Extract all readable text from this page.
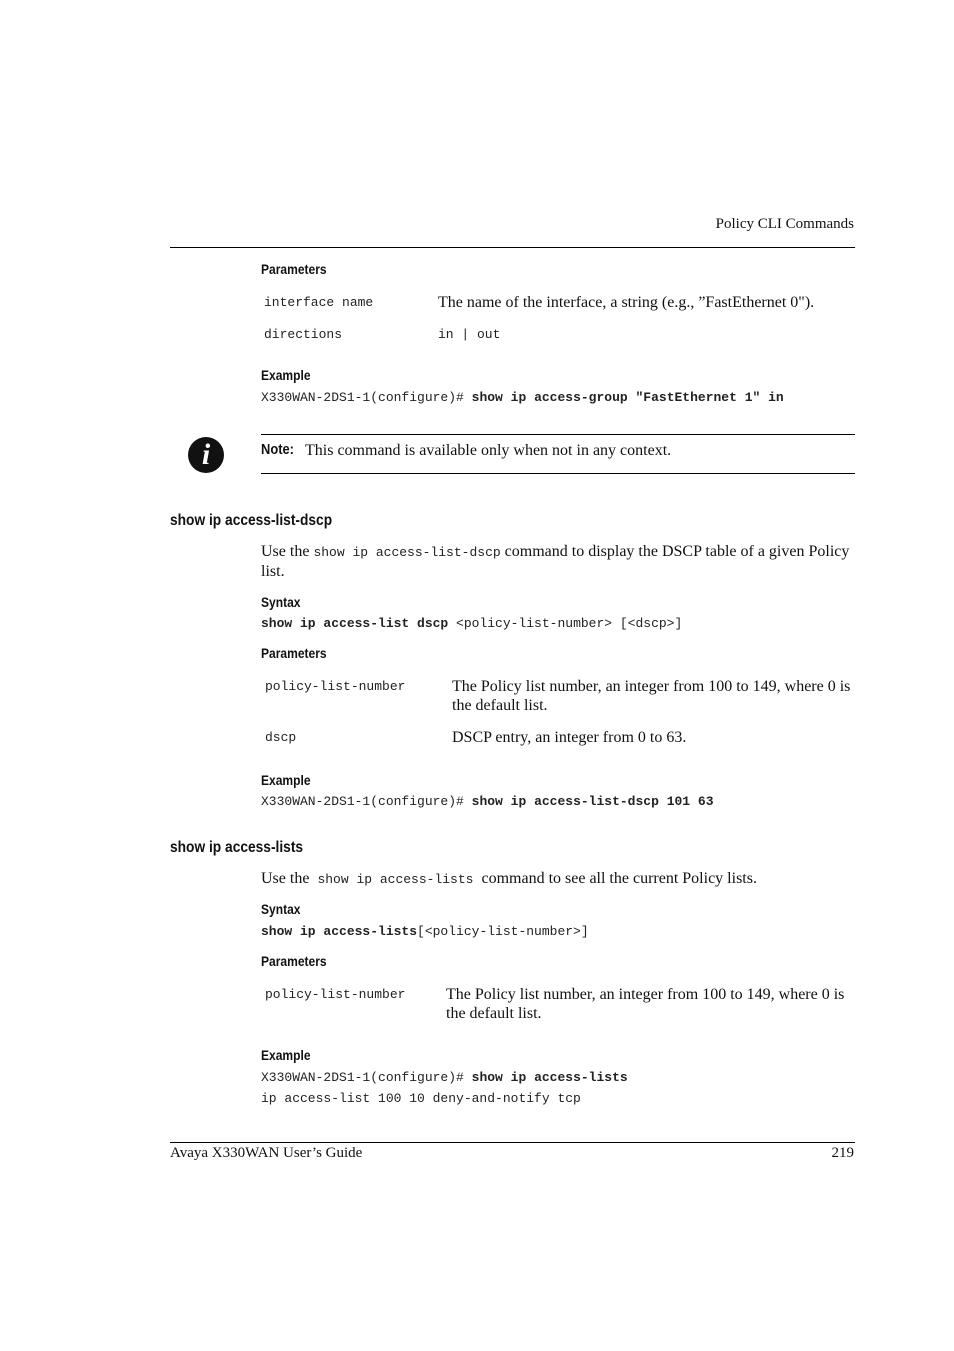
Policy CLI Commands
Parameters
interface name	The name of the interface, a string (e.g., ”FastEthernet 0").
directions	in | out
Example
X330WAN-2DS1-1(configure)# show ip access-group "FastEthernet 1" in
i	Note: This command is available only when not in any context.
show ip access-list-dscp
Use the show ip access-list-dscp command to display the DSCP table of a given Policy list.
Syntax
show ip access-list dscp <policy-list-number> [<dscp>]
Parameters
policy-list-number	The Policy list number, an integer from 100 to 149, where 0 is the default list.
dscp	DSCP entry, an integer from 0 to 63.
Example
X330WAN-2DS1-1(configure)# show ip access-list-dscp 101 63
show ip access-lists
Use the show ip access-lists command to see all the current Policy lists.
Syntax
show ip access-lists[<policy-list-number>]
Parameters
policy-list-number	The Policy list number, an integer from 100 to 149, where 0 is the default list.
Example
X330WAN-2DS1-1(configure)# show ip access-lists
ip access-list 100 10 deny-and-notify tcp
Avaya X330WAN User’s Guide	219
